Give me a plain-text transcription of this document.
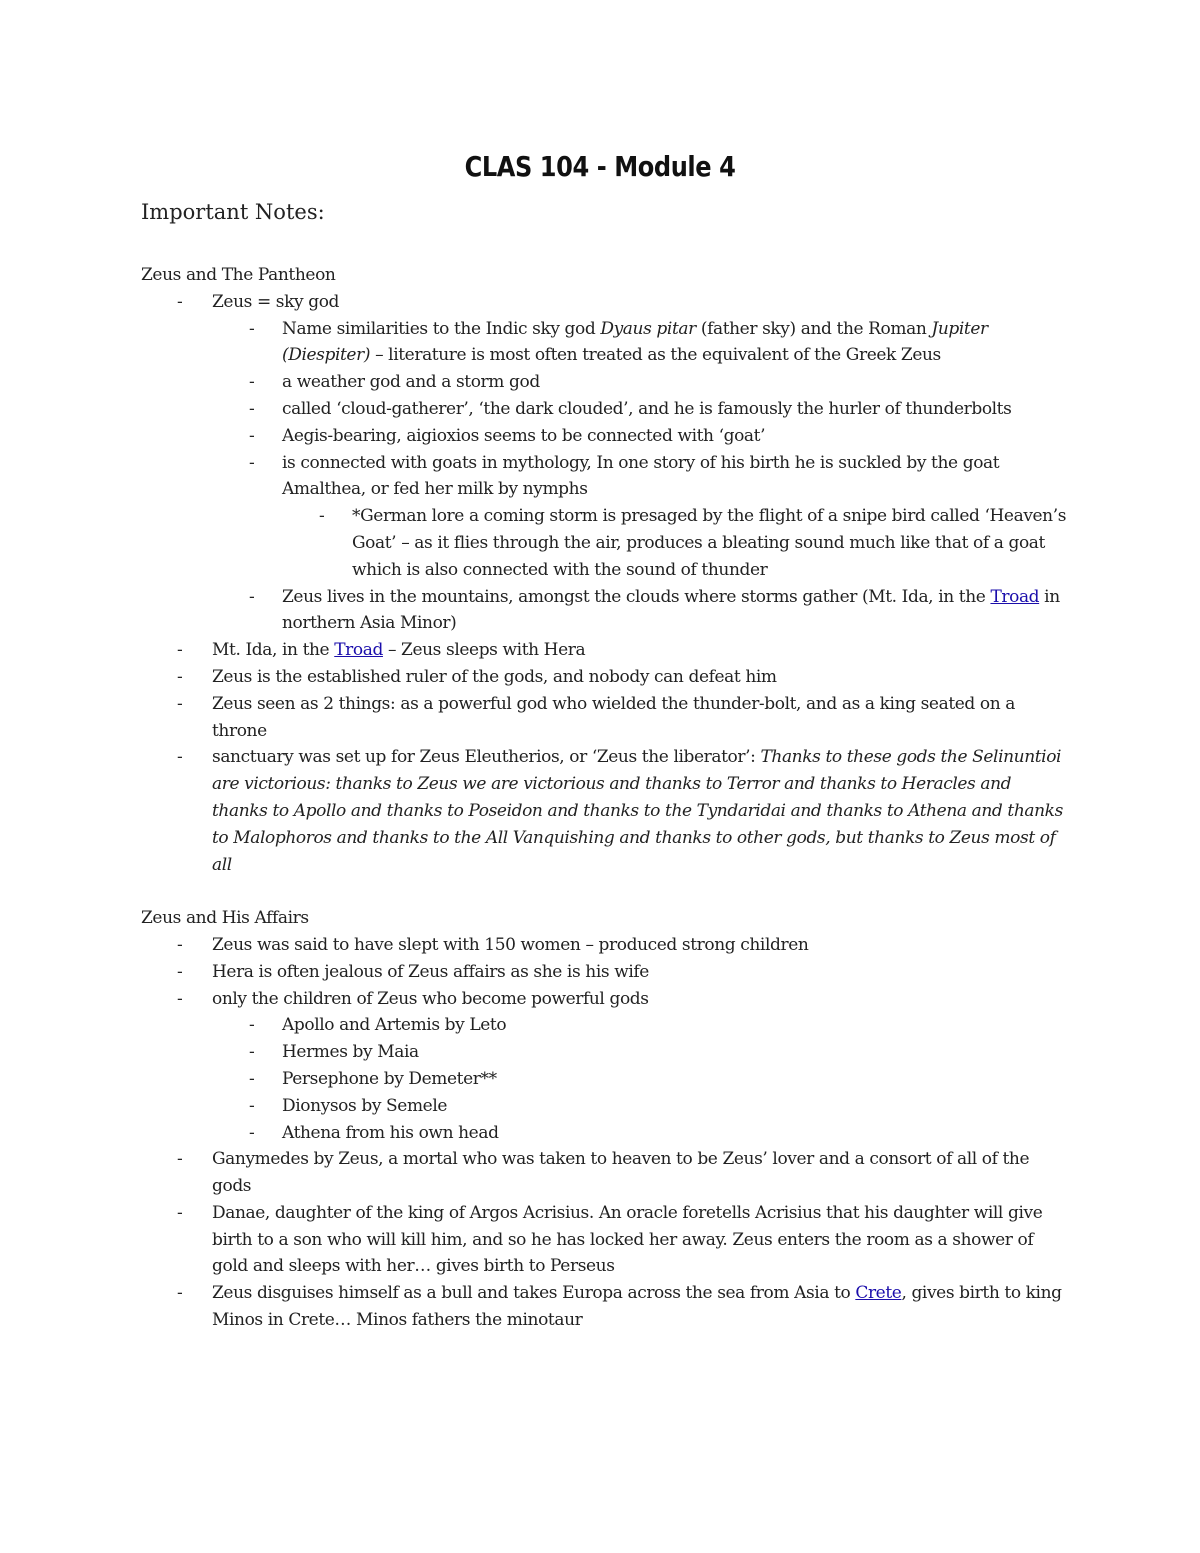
CLAS 104 - Module 4
Important Notes:
Zeus and The Pantheon
- Zeus = sky god
- Name similarities to the Indic sky god Dyaus pitar (father sky) and the Roman Jupiter (Diespiter) – literature is most often treated as the equivalent of the Greek Zeus
- a weather god and a storm god
- called ‘cloud-gatherer’, ‘the dark clouded’, and he is famously the hurler of thunderbolts
- Aegis-bearing, aigioxios seems to be connected with ‘goat’
- is connected with goats in mythology, In one story of his birth he is suckled by the goat Amalthea, or fed her milk by nymphs
- *German lore a coming storm is presaged by the flight of a snipe bird called ‘Heaven’s Goat’ – as it flies through the air, produces a bleating sound much like that of a goat which is also connected with the sound of thunder
- Zeus lives in the mountains, amongst the clouds where storms gather (Mt. Ida, in the Troad in northern Asia Minor)
- Mt. Ida, in the Troad – Zeus sleeps with Hera
- Zeus is the established ruler of the gods, and nobody can defeat him
- Zeus seen as 2 things: as a powerful god who wielded the thunder-bolt, and as a king seated on a throne
- sanctuary was set up for Zeus Eleutherios, or ‘Zeus the liberator’: Thanks to these gods the Selinuntioi are victorious: thanks to Zeus we are victorious and thanks to Terror and thanks to Heracles and thanks to Apollo and thanks to Poseidon and thanks to the Tyndaridai and thanks to Athena and thanks to Malophoros and thanks to the All Vanquishing and thanks to other gods, but thanks to Zeus most of all
Zeus and His Affairs
- Zeus was said to have slept with 150 women – produced strong children
- Hera is often jealous of Zeus affairs as she is his wife
- only the children of Zeus who become powerful gods
- Apollo and Artemis by Leto
- Hermes by Maia
- Persephone by Demeter**
- Dionysos by Semele
- Athena from his own head
- Ganymedes by Zeus, a mortal who was taken to heaven to be Zeus’ lover and a consort of all of the gods
- Danae, daughter of the king of Argos Acrisius. An oracle foretells Acrisius that his daughter will give birth to a son who will kill him, and so he has locked her away. Zeus enters the room as a shower of gold and sleeps with her… gives birth to Perseus
- Zeus disguises himself as a bull and takes Europa across the sea from Asia to Crete, gives birth to king Minos in Crete… Minos fathers the minotaur
